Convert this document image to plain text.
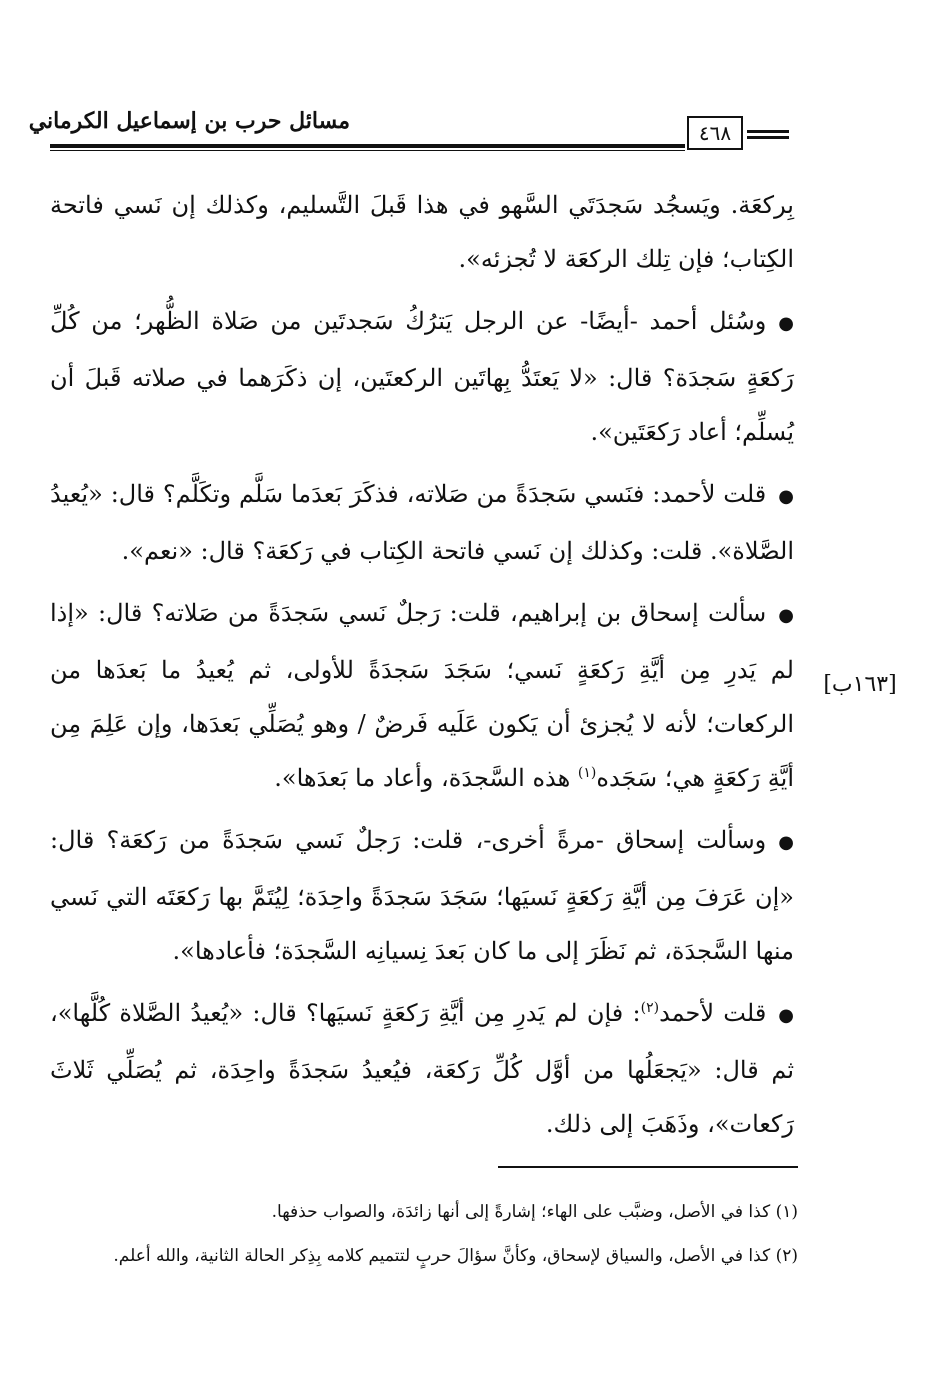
مسائل حرب بن إسماعيل الكرماني	٤٦٨

بِركعَة. ويَسجُد سَجدَتَي السَّهو في هذا قَبلَ التَّسليم، وكذلك إن نَسي فاتحة الكِتاب؛ فإن تِلك الركعَة لا تُجزئه».

●وسُئل أحمد -أيضًا- عن الرجل يَترُكُ سَجدتَين من صَلاة الظُّهر؛ من كُلِّ رَكعَةٍ سَجدَة؟ قال: «لا يَعتَدُّ بِهاتَين الركعتَين، إن ذكَرَهما في صلاته قَبلَ أن يُسلِّم؛ أعاد رَكعَتَين».

●قلت لأحمد: فنَسي سَجدَةً من صَلاته، فذكَرَ بَعدَما سَلَّم وتكَلَّم؟ قال: «يُعيدُ الصَّلاة». قلت: وكذلك إن نَسي فاتحة الكِتاب في رَكعَة؟ قال: «نعم».

●سألت إسحاق بن إبراهيم، قلت: رَجلٌ نَسي سَجدَةً من صَلاته؟ قال: «إذا لم يَدرِ مِن أيَّةِ رَكعَةٍ نَسي؛ سَجَدَ سَجدَةً للأولى، ثم يُعيدُ ما بَعدَها من الركعات؛ لأنه لا يُجزئ أن يَكون عَلَيه فَرضٌ / وهو يُصَلِّي بَعدَها، وإن عَلِمَ مِن أيَّةِ رَكعَةٍ هي؛ سَجَده$^{(١)}$ هذه السَّجدَة، وأعاد ما بَعدَها».

●وسألت إسحاق -مرةً أخرى-، قلت: رَجلٌ نَسي سَجدَةً من رَكعَة؟ قال: «إن عَرَفَ مِن أيَّةِ رَكعَةٍ نَسيَها؛ سَجَدَ سَجدَةً واحِدَة؛ لِيُتَمَّ بها رَكعَتَه التي نَسي منها السَّجدَة، ثم نَظَرَ إلى ما كان بَعدَ نِسيانِه السَّجدَة؛ فأعادها».

●قلت لأحمد$^{(٢)}$: فإن لم يَدرِ مِن أيَّةِ رَكعَةٍ نَسيَها؟ قال: «يُعيدُ الصَّلاة كُلَّها»، ثم قال: «يَجعَلُها من أوَّل كُلِّ رَكعَة، فيُعيدُ سَجدَةً واحِدَة، ثم يُصَلِّي ثَلاثَ رَكعات»، وذَهَبَ إلى ذلك.

[١٦٣ب]

(١) كذا في الأصل، وضبَّب على الهاء؛ إشارةً إلى أنها زائدَة، والصواب حذفها.

(٢) كذا في الأصل، والسياق لإسحاق، وكأنَّ سؤالَ حربٍ لتتميم كلامه بِذِكر الحالة الثانية، والله أعلم.
